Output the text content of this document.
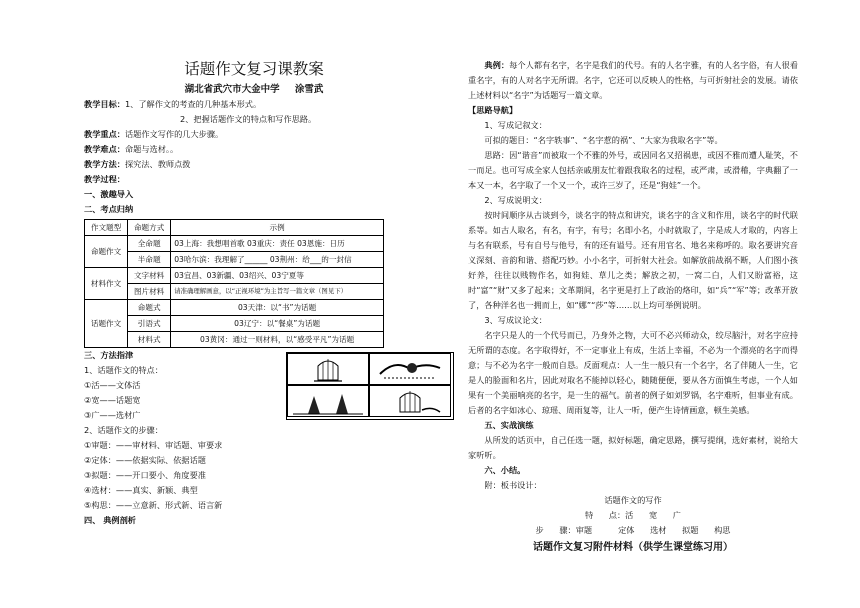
话题作文复习课教案
湖北省武穴市大金中学 涂雪武
教学目标：1、了解作文的考查的几种基本形式。
2、把握话题作文的特点和写作思路。
教学重点：话题作文写作的几大步骤。
教学难点：命题与选材。。
教学方法：探究法、教师点拨
教学过程：
一、激趣导入
二、考点归纳
作文题型	命题方式	示例
命题作文	全命题	03上海：我想唱首歌 03重庆：责任 03恩施：日历
	半命题	03哈尔滨：我理解了______ 03荆州：给___的一封信
材料作文	文字材料	03宜昌、03新疆、03绍兴、03宁夏等
	图片材料	请准确理解画意，以“正视环境”为主旨写一篇文章（图见下）
话题作文	命题式	03天津：以“书”为话题
	引语式	03辽宁：以“餐桌”为话题
	材料式	03黄冈：通过一则材料，以“感受平凡”为话题
三、方法指津
1、话题作文的特点：
①活——文体活
②宽——话题宽
③广——选材广
2、话题作文的步骤：
①审题：——审材料、审话题、审要求
②定体：——依据实际、依据话题
③拟题：——开口要小、角度要准
④选材：——真实、新颖、典型
⑤构思：——立意新、形式新、语言新
四、 典例剖析
典例：每个人都有名字，名字是我们的代号。有的人名字雅，有的人名字俗，有人很看重名字，有的人对名字无所谓。名字，它还可以反映人的性格，与可折射社会的发展。请依上述材料以“名字”为话题写一篇文章。
【思路导航】
1、写成记叙文：
可拟的题目：“名字轶事”、“名字惹的祸”、“大家为我取名字”等。
思路：因“谐音”而被取一个不雅的外号，或因同名又招祸患，或因不雅而遭人耻笑，不一而足。也可写成全家人包括亲戚朋友忙着跟我取名的过程，或严肃，或滑稽，字典翻了一本又一本，名字取了一个又一个，或许三岁了，还是“狗娃”一个。
2、写成说明文：
按时间顺序从古谈到今，谈名字的特点和讲究，谈名字的含义和作用，谈名字的时代联系等。如古人取名，有名，有字，有号；名即小名，小时就取了，字是成人才取的，内容上与名有联系，号有自号与他号，有的还有谥号。还有用官名、地名来称呼的。取名要讲究音义深刻、音韵和谐、搭配巧妙。小小名字，可折射大社会。如解放前战祸不断，人们图小孩好养，往往以贱物作名，如狗娃、草儿之类；解放之初，一窝二白，人们又盼富裕，这时“富”“财”又多了起来；文革期间，名字更是打上了政治的烙印，如“兵”“军”等；改革开放了，各种洋名也一拥而上，如“娜”“莎”等……以上均可举例说明。
3、写成议论文：
名字只是人的一个代号而已，乃身外之物，大可不必兴师动众，绞尽脑汁，对名字应持无所谓的态度。名字取得好，不一定事业上有成，生活上幸福，不必为一个漂亮的名字而得意；与不必为名字一般而自恳。反面观点：人一生一般只有一个名字，名了伴随人一生，它是人的脸面和名片，因此对取名不能掉以轻心，随随便便，要从各方面慎生考虑，一个人如果有一个美丽响亮的名字，是一生的福气。前者的例子如刘罗锅，名字难听，但事业有成。后者的名字如冰心、琼瑶、周雨复等，让人一听，便产生诗情画意，顿生美感。
五、实战演练
从所发的话页中，自己任选一题，拟好标题，确定思路，撰写提纲，选好素材，说给大家听听。
六、小结。
附：板书设计：
话题作文的写作
特      点：活      宽      广
步      骤：审题          定体      选材      拟题      构思
话题作文复习附件材料（供学生课堂练习用）
